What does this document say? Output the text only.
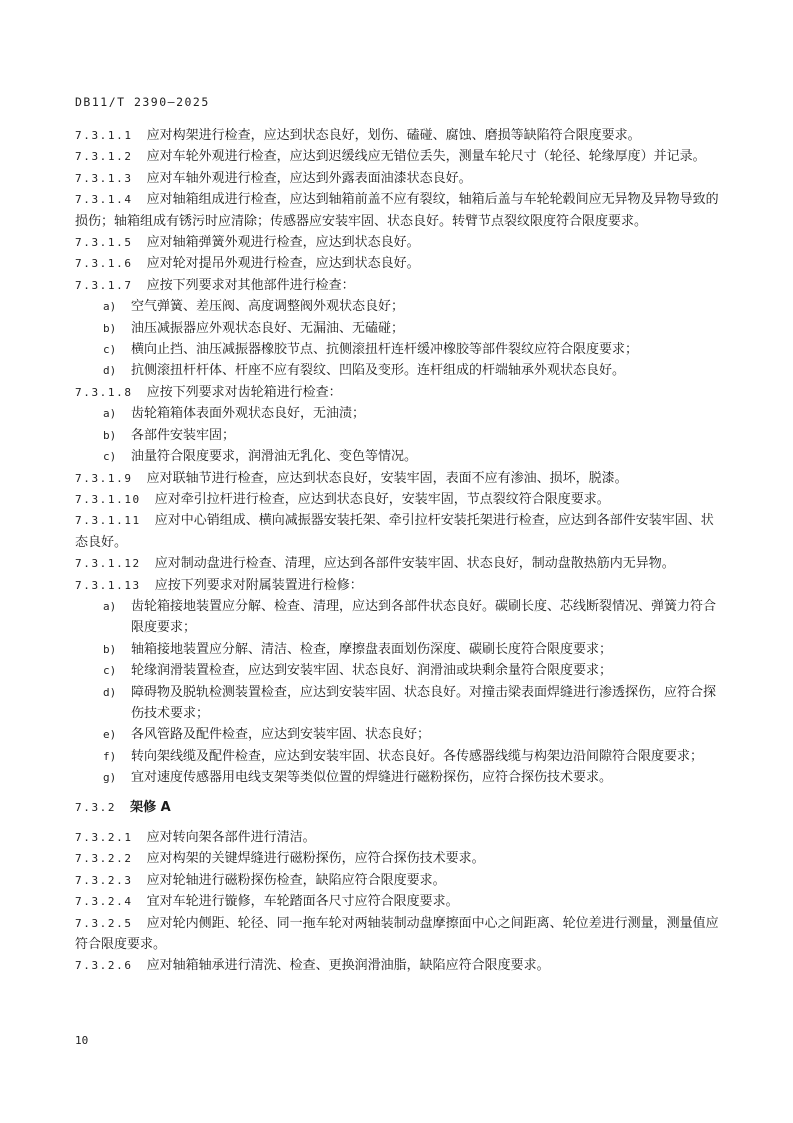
DB11/T 2390—2025
7.3.1.1 应对构架进行检查，应达到状态良好，划伤、磕碰、腐蚀、磨损等缺陷符合限度要求。
7.3.1.2 应对车轮外观进行检查，应达到迟缓线应无错位丢失，测量车轮尺寸（轮径、轮缘厚度）并记录。
7.3.1.3 应对车轴外观进行检查，应达到外露表面油漆状态良好。
7.3.1.4 应对轴箱组成进行检查，应达到轴箱前盖不应有裂纹，轴箱后盖与车轮轮毂间应无异物及异物导致的损伤；轴箱组成有锈污时应清除；传感器应安装牢固、状态良好。转臂节点裂纹限度符合限度要求。
7.3.1.5 应对轴箱弹簧外观进行检查，应达到状态良好。
7.3.1.6 应对轮对提吊外观进行检查，应达到状态良好。
7.3.1.7 应按下列要求对其他部件进行检查：
a) 空气弹簧、差压阀、高度调整阀外观状态良好；
b) 油压减振器应外观状态良好、无漏油、无磕碰；
c) 横向止挡、油压减振器橡胶节点、抗侧滚扭杆连杆缓冲橡胶等部件裂纹应符合限度要求；
d) 抗侧滚扭杆杆体、杆座不应有裂纹、凹陷及变形。连杆组成的杆端轴承外观状态良好。
7.3.1.8 应按下列要求对齿轮箱进行检查：
a) 齿轮箱箱体表面外观状态良好，无油渍；
b) 各部件安装牢固；
c) 油量符合限度要求，润滑油无乳化、变色等情况。
7.3.1.9 应对联轴节进行检查，应达到状态良好，安装牢固，表面不应有渗油、损坏，脱漆。
7.3.1.10 应对牵引拉杆进行检查，应达到状态良好，安装牢固，节点裂纹符合限度要求。
7.3.1.11 应对中心销组成、横向减振器安装托架、牵引拉杆安装托架进行检查，应达到各部件安装牢固、状态良好。
7.3.1.12 应对制动盘进行检查、清理，应达到各部件安装牢固、状态良好，制动盘散热筋内无异物。
7.3.1.13 应按下列要求对附属装置进行检修：
a) 齿轮箱接地装置应分解、检查、清理，应达到各部件状态良好。碳刷长度、芯线断裂情况、弹簧力符合限度要求；
b) 轴箱接地装置应分解、清洁、检查，摩擦盘表面划伤深度、碳刷长度符合限度要求；
c) 轮缘润滑装置检查，应达到安装牢固、状态良好、润滑油或块剩余量符合限度要求；
d) 障碍物及脱轨检测装置检查，应达到安装牢固、状态良好。对撞击梁表面焊缝进行渗透探伤，应符合探伤技术要求；
e) 各风管路及配件检查，应达到安装牢固、状态良好；
f) 转向架线缆及配件检查，应达到安装牢固、状态良好。各传感器线缆与构架边沿间隙符合限度要求；
g) 宜对速度传感器用电线支架等类似位置的焊缝进行磁粉探伤，应符合探伤技术要求。
7.3.2 架修 A
7.3.2.1 应对转向架各部件进行清洁。
7.3.2.2 应对构架的关键焊缝进行磁粉探伤，应符合探伤技术要求。
7.3.2.3 应对轮轴进行磁粉探伤检查，缺陷应符合限度要求。
7.3.2.4 宜对车轮进行镟修，车轮踏面各尺寸应符合限度要求。
7.3.2.5 应对轮内侧距、轮径、同一拖车轮对两轴装制动盘摩擦面中心之间距离、轮位差进行测量，测量值应符合限度要求。
7.3.2.6 应对轴箱轴承进行清洗、检查、更换润滑油脂，缺陷应符合限度要求。
10
